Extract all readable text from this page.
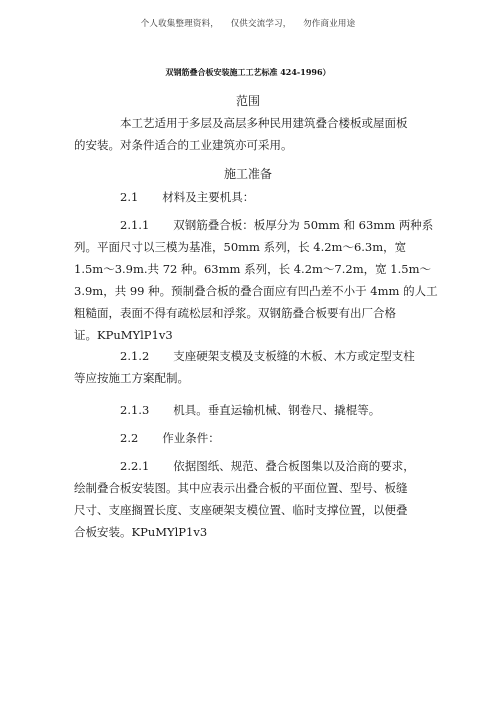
个人收集整理资料，    仅供交流学习，    勿作商业用途
双钢筋叠合板安装施工工艺标准 424-1996）
范围
本工艺适用于多层及高层多种民用建筑叠合楼板或屋面板
的安装。对条件适合的工业建筑亦可采用。
施工准备
2.1 材料及主要机具：
2.1.1 双钢筋叠合板：板厚分为 50mm 和 63mm 两种系
列。平面尺寸以三模为基准，50mm 系列，长 4.2m～6.3m，宽
1.5m～3.9m.共 72 种。63mm 系列，长 4.2m～7.2m，宽 1.5m～
3.9m，共 99 种。预制叠合板的叠合面应有凹凸差不小于 4mm 的人工
粗糙面，表面不得有疏松层和浮浆。双钢筋叠合板要有出厂合格
证。KPuMYlP1v3
2.1.2 支座硬架支模及支板缝的木板、木方或定型支柱
等应按施工方案配制。
2.1.3 机具。垂直运输机械、钢卷尺、撬棍等。
2.2 作业条件：
2.2.1 依据图纸、规范、叠合板图集以及洽商的要求，
绘制叠合板安装图。其中应表示出叠合板的平面位置、型号、板缝
尺寸、支座搁置长度、支座硬架支模位置、临时支撑位置，以便叠
合板安装。KPuMYlP1v3
